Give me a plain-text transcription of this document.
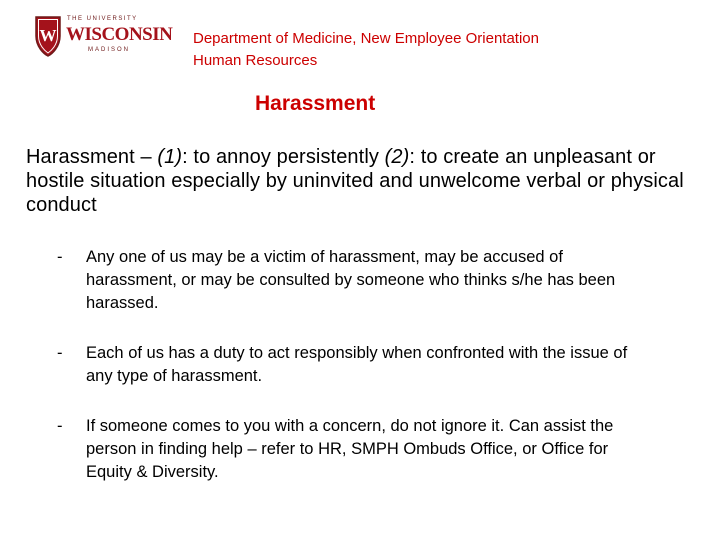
W
THE UNIVERSITY
WISCONSIN
MADISON
Department of Medicine, New Employee Orientation
Human Resources
Harassment
Harassment – (1): to annoy persistently (2): to create an unpleasant or hostile situation especially by uninvited and unwelcome verbal or physical conduct
- Any one of us may be a victim of harassment, may be accused of harassment, or may be consulted by someone who thinks s/he has been harassed.
- Each of us has a duty to act responsibly when confronted with the issue of any type of harassment.
- If someone comes to you with a concern, do not ignore it. Can assist the person in finding help – refer to HR, SMPH Ombuds Office, or Office for Equity & Diversity.
